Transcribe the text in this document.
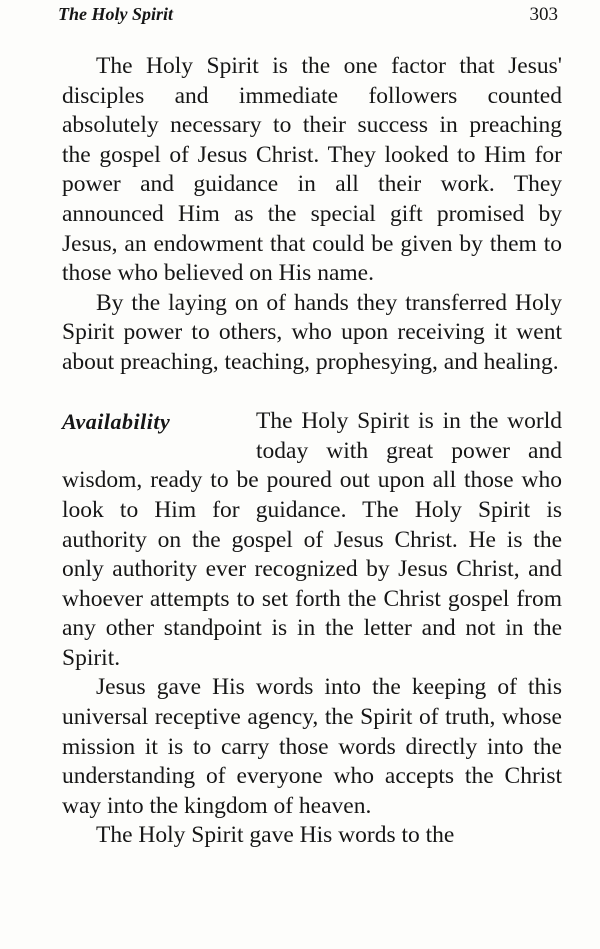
The Holy Spirit	303

The Holy Spirit is the one factor that Jesus' disciples and immediate followers counted absolutely necessary to their success in preaching the gospel of Jesus Christ. They looked to Him for power and guidance in all their work. They announced Him as the special gift promised by Jesus, an endowment that could be given by them to those who believed on His name.

By the laying on of hands they transferred Holy Spirit power to others, who upon receiving it went about preaching, teaching, prophesying, and healing.

Availability	The Holy Spirit is in the world today with great power and wisdom, ready to be poured out upon all those who look to Him for guidance. The Holy Spirit is authority on the gospel of Jesus Christ. He is the only authority ever recognized by Jesus Christ, and whoever attempts to set forth the Christ gospel from any other standpoint is in the letter and not in the Spirit.

Jesus gave His words into the keeping of this universal receptive agency, the Spirit of truth, whose mission it is to carry those words directly into the understanding of everyone who accepts the Christ way into the kingdom of heaven.

The Holy Spirit gave His words to the
